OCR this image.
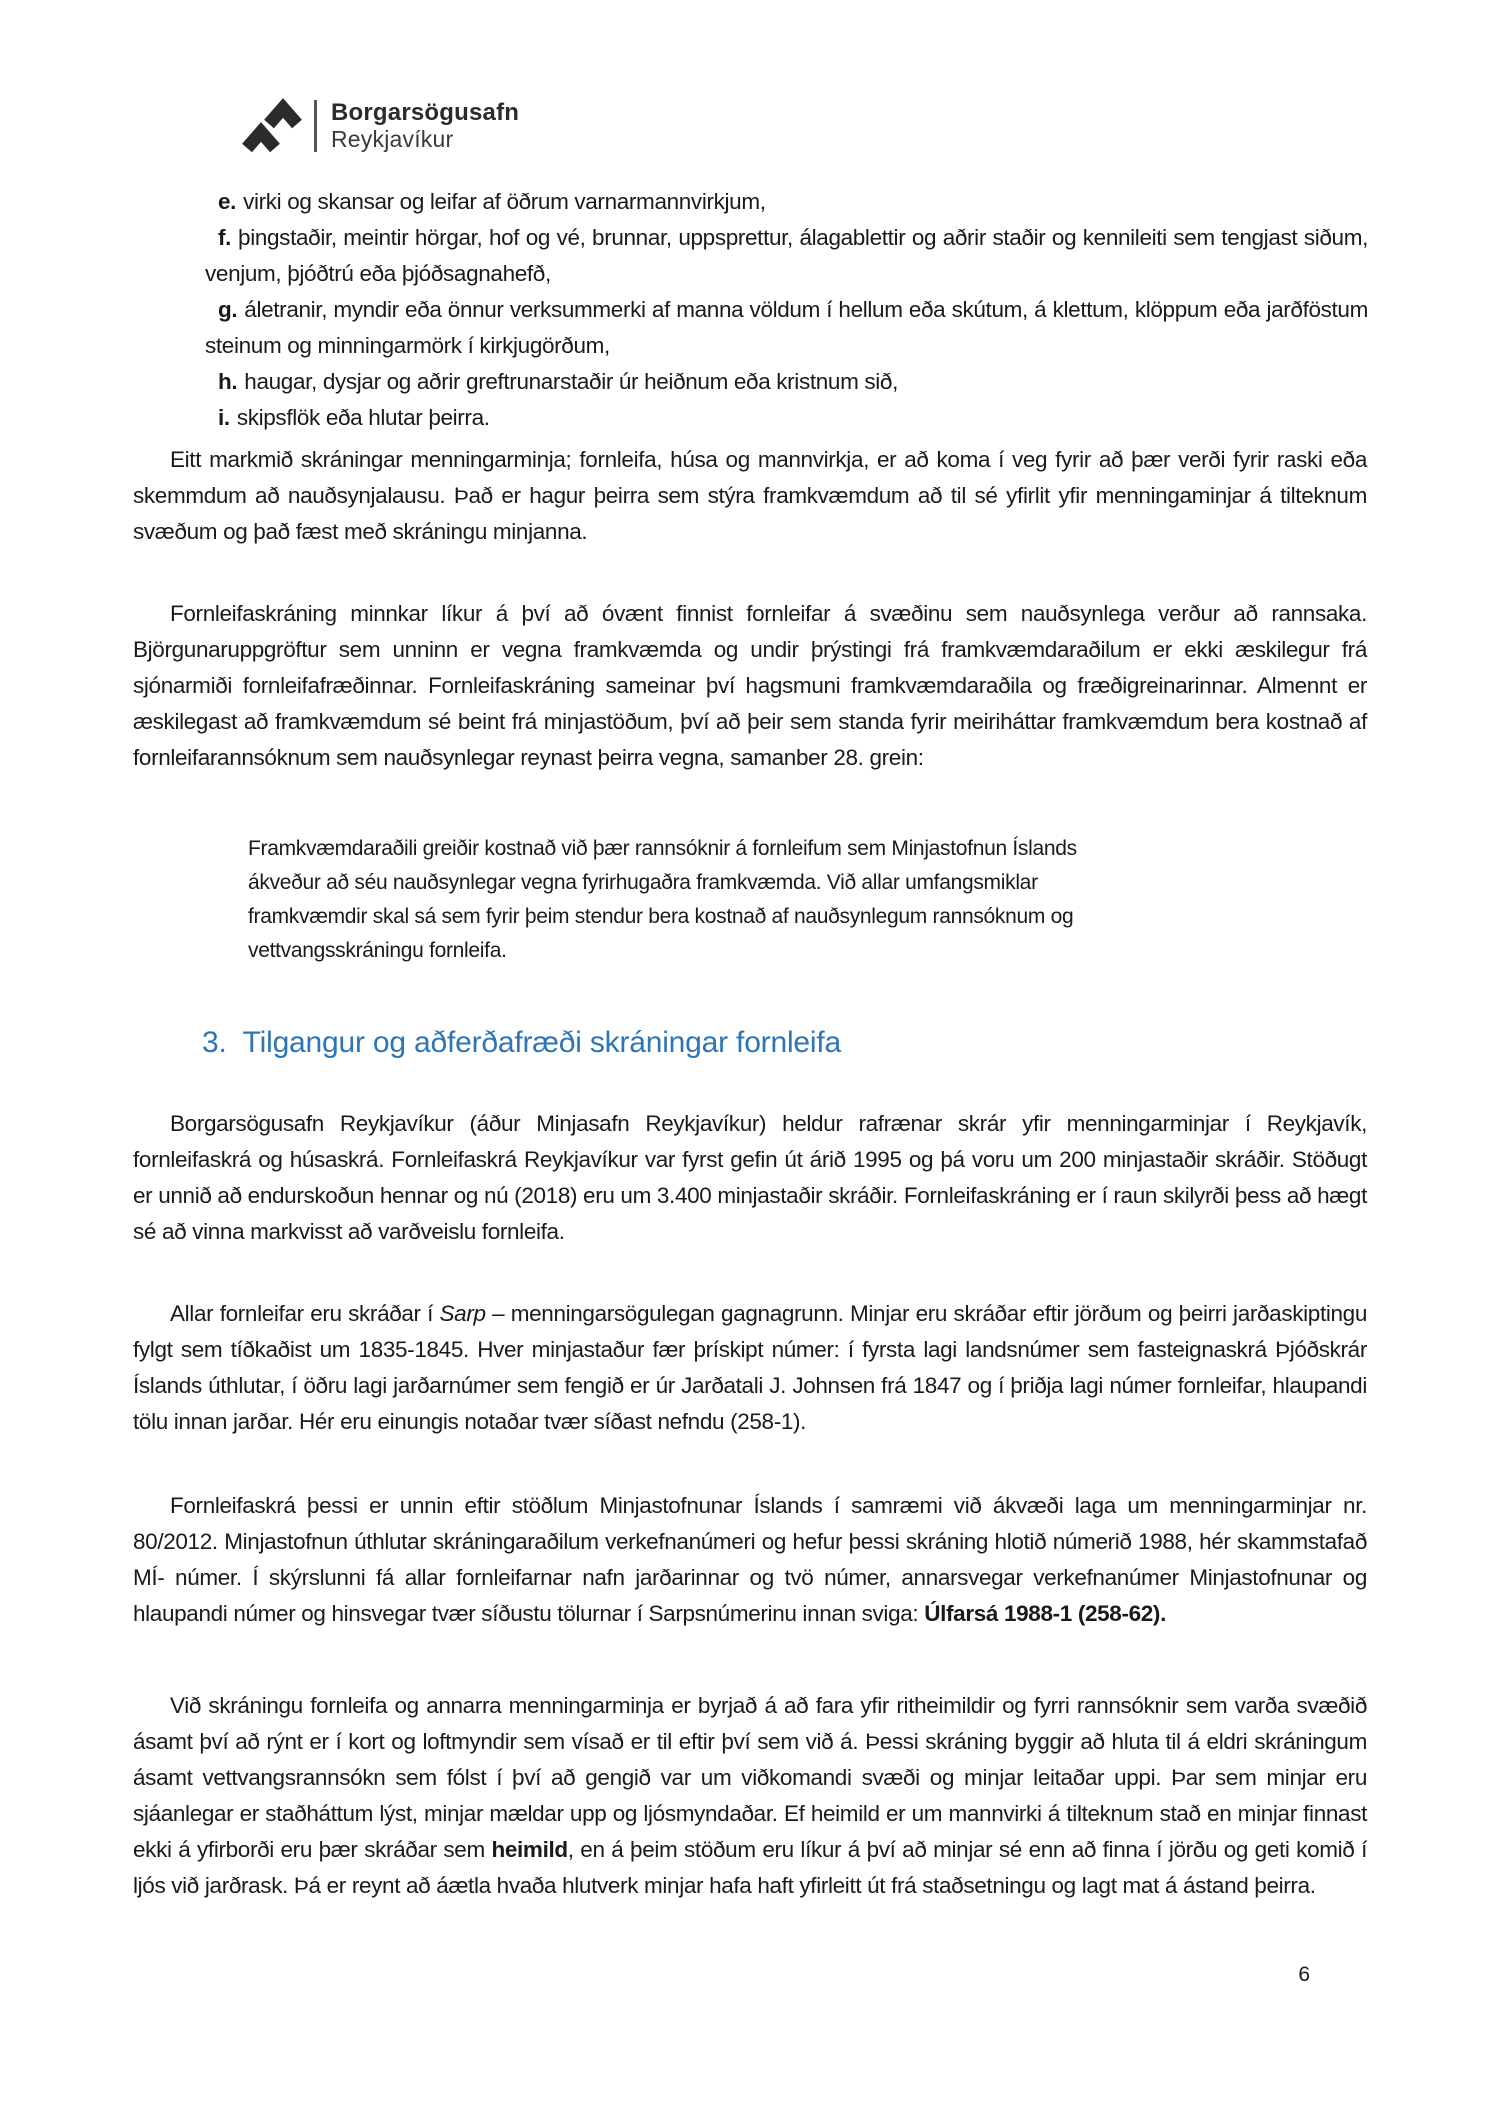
Borgarsögusafn
Reykjavíkur

e. virki og skansar og leifar af öðrum varnarmannvirkjum,

f. þingstaðir, meintir hörgar, hof og vé, brunnar, uppsprettur, álagablettir og aðrir staðir og kennileiti sem tengjast siðum, venjum, þjóðtrú eða þjóðsagnahefð,

g. áletranir, myndir eða önnur verksummerki af manna völdum í hellum eða skútum, á klettum, klöppum eða jarðföstum steinum og minningarmörk í kirkjugörðum,

h. haugar, dysjar og aðrir greftrunarstaðir úr heiðnum eða kristnum sið,

i. skipsflök eða hlutar þeirra.

Eitt markmið skráningar menningarminja; fornleifa, húsa og mannvirkja, er að koma í veg fyrir að þær verði fyrir raski eða skemmdum að nauðsynjalausu. Það er hagur þeirra sem stýra framkvæmdum að til sé yfirlit yfir menningaminjar á tilteknum svæðum og það fæst með skráningu minjanna.

Fornleifaskráning minnkar líkur á því að óvænt finnist fornleifar á svæðinu sem nauðsynlega verður að rannsaka. Björgunaruppgröftur sem unninn er vegna framkvæmda og undir þrýstingi frá framkvæmdaraðilum er ekki æskilegur frá sjónarmiði fornleifafræðinnar. Fornleifaskráning sameinar því hagsmuni framkvæmdaraðila og fræðigreinarinnar. Almennt er æskilegast að framkvæmdum sé beint frá minjastöðum, því að þeir sem standa fyrir meiriháttar framkvæmdum bera kostnað af fornleifarannsóknum sem nauðsynlegar reynast þeirra vegna, samanber 28. grein:

Framkvæmdaraðili greiðir kostnað við þær rannsóknir á fornleifum sem Minjastofnun Íslands ákveður að séu nauðsynlegar vegna fyrirhugaðra framkvæmda. Við allar umfangsmiklar framkvæmdir skal sá sem fyrir þeim stendur bera kostnað af nauðsynlegum rannsóknum og vettvangsskráningu fornleifa.
3. Tilgangur og aðferðafræði skráningar fornleifa

Borgarsögusafn Reykjavíkur (áður Minjasafn Reykjavíkur) heldur rafrænar skrár yfir menningarminjar í Reykjavík, fornleifaskrá og húsaskrá. Fornleifaskrá Reykjavíkur var fyrst gefin út árið 1995 og þá voru um 200 minjastaðir skráðir. Stöðugt er unnið að endurskoðun hennar og nú (2018) eru um 3.400 minjastaðir skráðir. Fornleifaskráning er í raun skilyrði þess að hægt sé að vinna markvisst að varðveislu fornleifa.

Allar fornleifar eru skráðar í Sarp – menningarsögulegan gagnagrunn. Minjar eru skráðar eftir jörðum og þeirri jarðaskiptingu fylgt sem tíðkaðist um 1835-1845. Hver minjastaður fær þrískipt númer: í fyrsta lagi landsnúmer sem fasteignaskrá Þjóðskrár Íslands úthlutar, í öðru lagi jarðarnúmer sem fengið er úr Jarðatali J. Johnsen frá 1847 og í þriðja lagi númer fornleifar, hlaupandi tölu innan jarðar. Hér eru einungis notaðar tvær síðast nefndu (258-1).

Fornleifaskrá þessi er unnin eftir stöðlum Minjastofnunar Íslands í samræmi við ákvæði laga um menningarminjar nr. 80/2012. Minjastofnun úthlutar skráningaraðilum verkefnanúmeri og hefur þessi skráning hlotið númerið 1988, hér skammstafað MÍ- númer. Í skýrslunni fá allar fornleifarnar nafn jarðarinnar og tvö númer, annarsvegar verkefnanúmer Minjastofnunar og hlaupandi númer og hinsvegar tvær síðustu tölurnar í Sarpsnúmerinu innan sviga: Úlfarsá 1988-1 (258-62).

Við skráningu fornleifa og annarra menningarminja er byrjað á að fara yfir ritheimildir og fyrri rannsóknir sem varða svæðið ásamt því að rýnt er í kort og loftmyndir sem vísað er til eftir því sem við á. Þessi skráning byggir að hluta til á eldri skráningum ásamt vettvangsrannsókn sem fólst í því að gengið var um viðkomandi svæði og minjar leitaðar uppi. Þar sem minjar eru sjáanlegar er staðháttum lýst, minjar mældar upp og ljósmyndaðar. Ef heimild er um mannvirki á tilteknum stað en minjar finnast ekki á yfirborði eru þær skráðar sem heimild, en á þeim stöðum eru líkur á því að minjar sé enn að finna í jörðu og geti komið í ljós við jarðrask. Þá er reynt að áætla hvaða hlutverk minjar hafa haft yfirleitt út frá staðsetningu og lagt mat á ástand þeirra.

6
